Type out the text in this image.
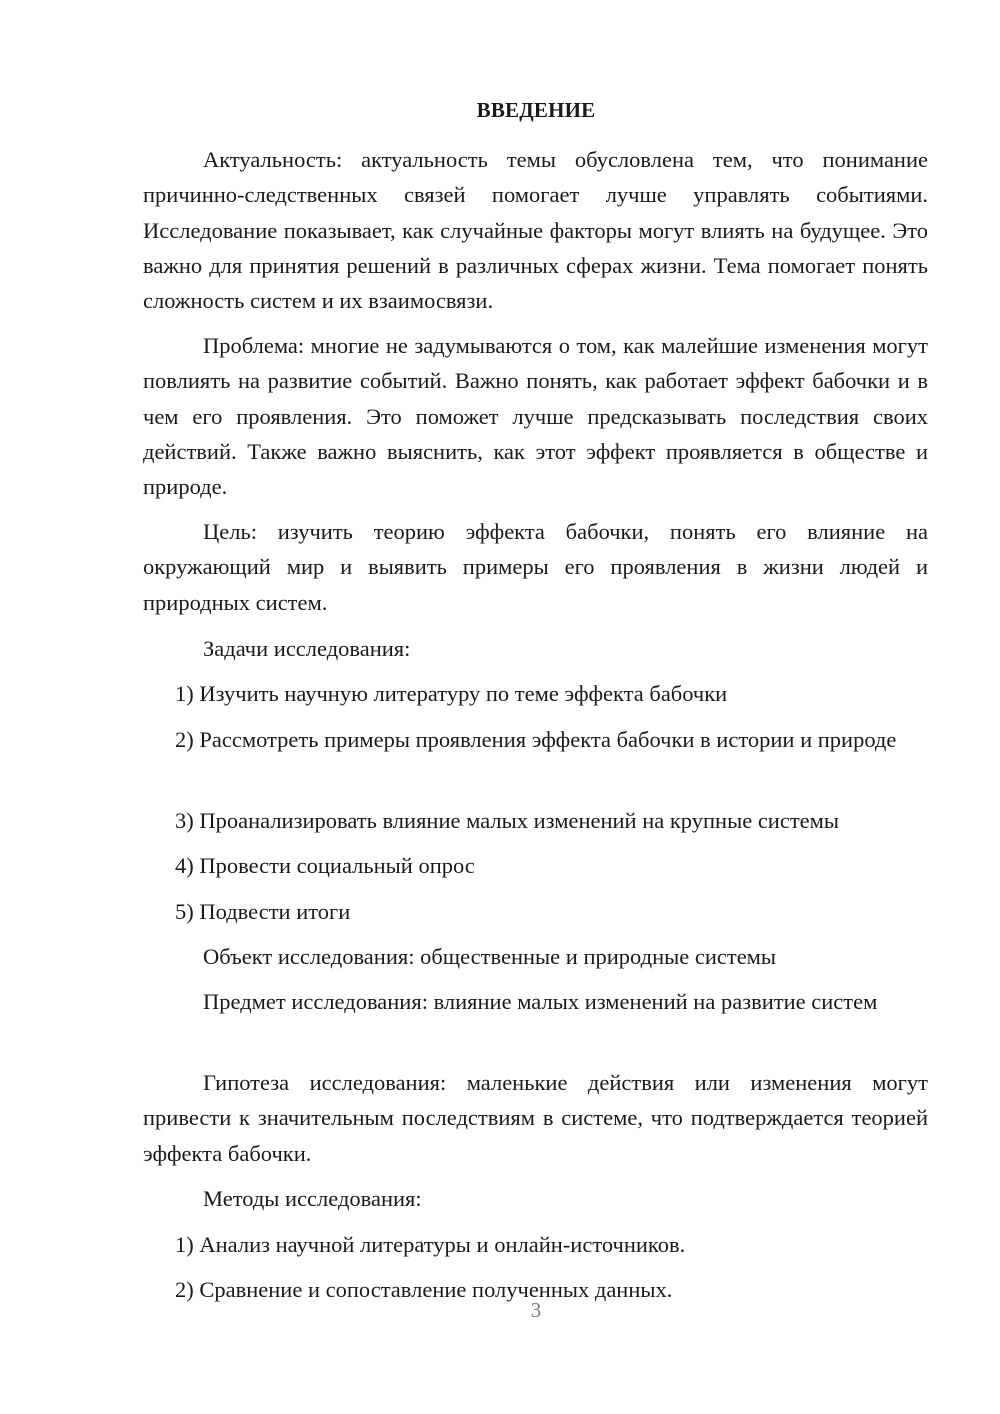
ВВЕДЕНИЕ

Актуальность: актуальность темы обусловлена тем, что понимание причинно-следственных связей помогает лучше управлять событиями. Исследование показывает, как случайные факторы могут влиять на будущее. Это важно для принятия решений в различных сферах жизни. Тема помогает понять сложность систем и их взаимосвязи.

Проблема: многие не задумываются о том, как малейшие изменения могут повлиять на развитие событий. Важно понять, как работает эффект бабочки и в чем его проявления. Это поможет лучше предсказывать последствия своих действий. Также важно выяснить, как этот эффект проявляется в обществе и природе.

Цель: изучить теорию эффекта бабочки, понять его влияние на окружающий мир и выявить примеры его проявления в жизни людей и природных систем.

Задачи исследования:

1) Изучить научную литературу по теме эффекта бабочки

2) Рассмотреть примеры проявления эффекта бабочки в истории и природе

3) Проанализировать влияние малых изменений на крупные системы

4) Провести социальный опрос

5) Подвести итоги

Объект исследования: общественные и природные системы

Предмет исследования: влияние малых изменений на развитие систем

Гипотеза исследования: маленькие действия или изменения могут привести к значительным последствиям в системе, что подтверждается теорией эффекта бабочки.

Методы исследования:

1) Анализ научной литературы и онлайн-источников.

2) Сравнение и сопоставление полученных данных.

3
